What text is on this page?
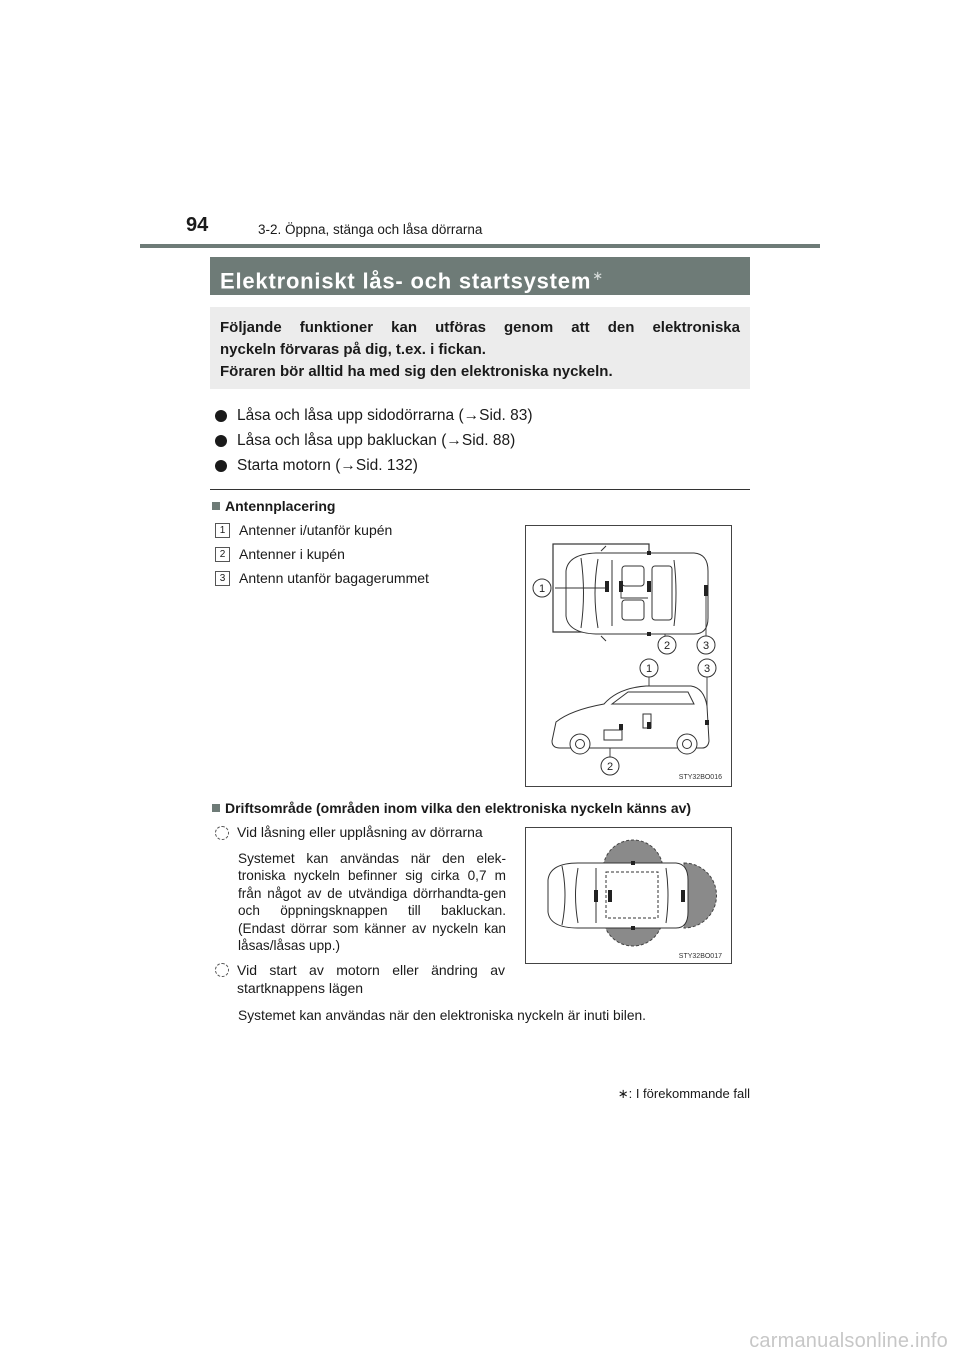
94	3-2. Öppna, stänga och låsa dörrarna
Elektroniskt lås- och startsystem∗

Följande funktioner kan utföras genom att den elektroniska

nyckeln förvaras på dig, t.ex. i fickan.

Föraren bör alltid ha med sig den elektroniska nyckeln.

Låsa och låsa upp sidodörrarna ( → Sid. 83)
Låsa och låsa upp bakluckan ( → Sid. 88)
Starta motorn ( → Sid. 132)
Antennplacering
1 Antenner i/utanför kupén
2 Antenner i kupén
3 Antenn utanför bagagerummet
1
2	3
1	3
2
STY32BO016
Driftsområde (områden inom vilka den elektroniska nyckeln känns av)
Vid låsning eller upplåsning av dörrarna
Systemet kan användas när den elek-troniska nyckeln befinner sig cirka 0,7 m från något av de utvändiga dörrhandta-gen och öppningsknappen till bakluckan. (Endast dörrar som känner av nyckeln kan låsas/låsas upp.)
Vid start av motorn eller ändring av startknappens lägen
Systemet kan användas när den elektroniska nyckeln är inuti bilen.
STY32BO017
∗: I förekommande fall
carmanualsonline.info
